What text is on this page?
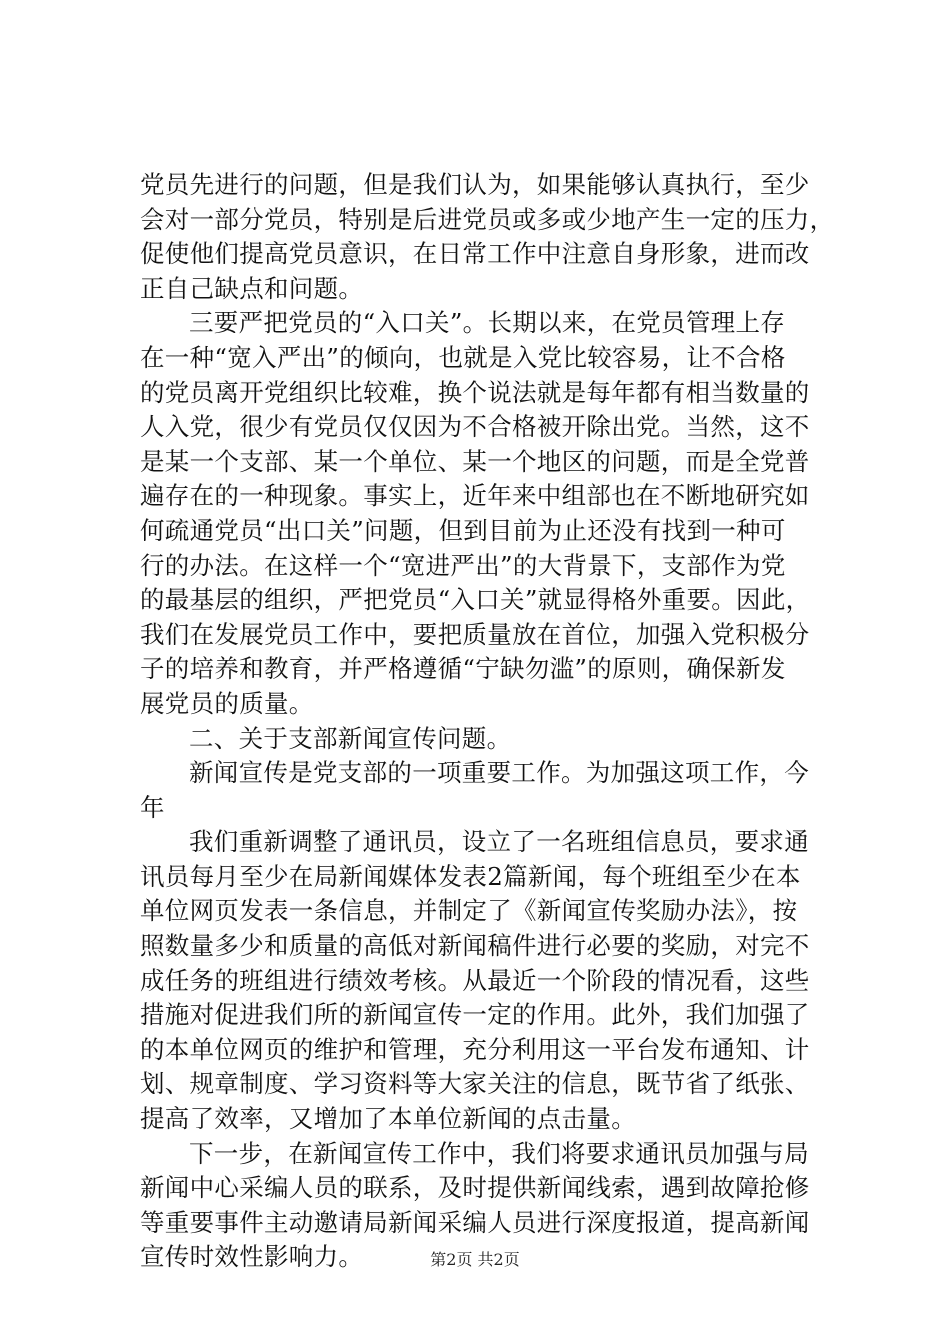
党员先进行的问题，但是我们认为，如果能够认真执行，至少
会对一部分党员，特别是后进党员或多或少地产生一定的压力，
促使他们提高党员意识，在日常工作中注意自身形象，进而改
正自己缺点和问题。
三要严把党员的“入口关”。长期以来，在党员管理上存
在一种“宽入严出”的倾向，也就是入党比较容易，让不合格
的党员离开党组织比较难，换个说法就是每年都有相当数量的
人入党，很少有党员仅仅因为不合格被开除出党。当然，这不
是某一个支部、某一个单位、某一个地区的问题，而是全党普
遍存在的一种现象。事实上，近年来中组部也在不断地研究如
何疏通党员“出口关”问题，但到目前为止还没有找到一种可
行的办法。在这样一个“宽进严出”的大背景下，支部作为党
的最基层的组织，严把党员“入口关”就显得格外重要。因此，
我们在发展党员工作中，要把质量放在首位，加强入党积极分
子的培养和教育，并严格遵循“宁缺勿滥”的原则，确保新发
展党员的质量。
二、关于支部新闻宣传问题。
新闻宣传是党支部的一项重要工作。为加强这项工作，今
年
我们重新调整了通讯员，设立了一名班组信息员，要求通
讯员每月至少在局新闻媒体发表2篇新闻，每个班组至少在本
单位网页发表一条信息，并制定了《新闻宣传奖励办法》，按
照数量多少和质量的高低对新闻稿件进行必要的奖励，对完不
成任务的班组进行绩效考核。从最近一个阶段的情况看，这些
措施对促进我们所的新闻宣传一定的作用。此外，我们加强了
的本单位网页的维护和管理，充分利用这一平台发布通知、计
划、规章制度、学习资料等大家关注的信息，既节省了纸张、
提高了效率，又增加了本单位新闻的点击量。
下一步，在新闻宣传工作中，我们将要求通讯员加强与局
新闻中心采编人员的联系，及时提供新闻线索，遇到故障抢修
等重要事件主动邀请局新闻采编人员进行深度报道，提高新闻
宣传时效性影响力。	第2页 共2页
